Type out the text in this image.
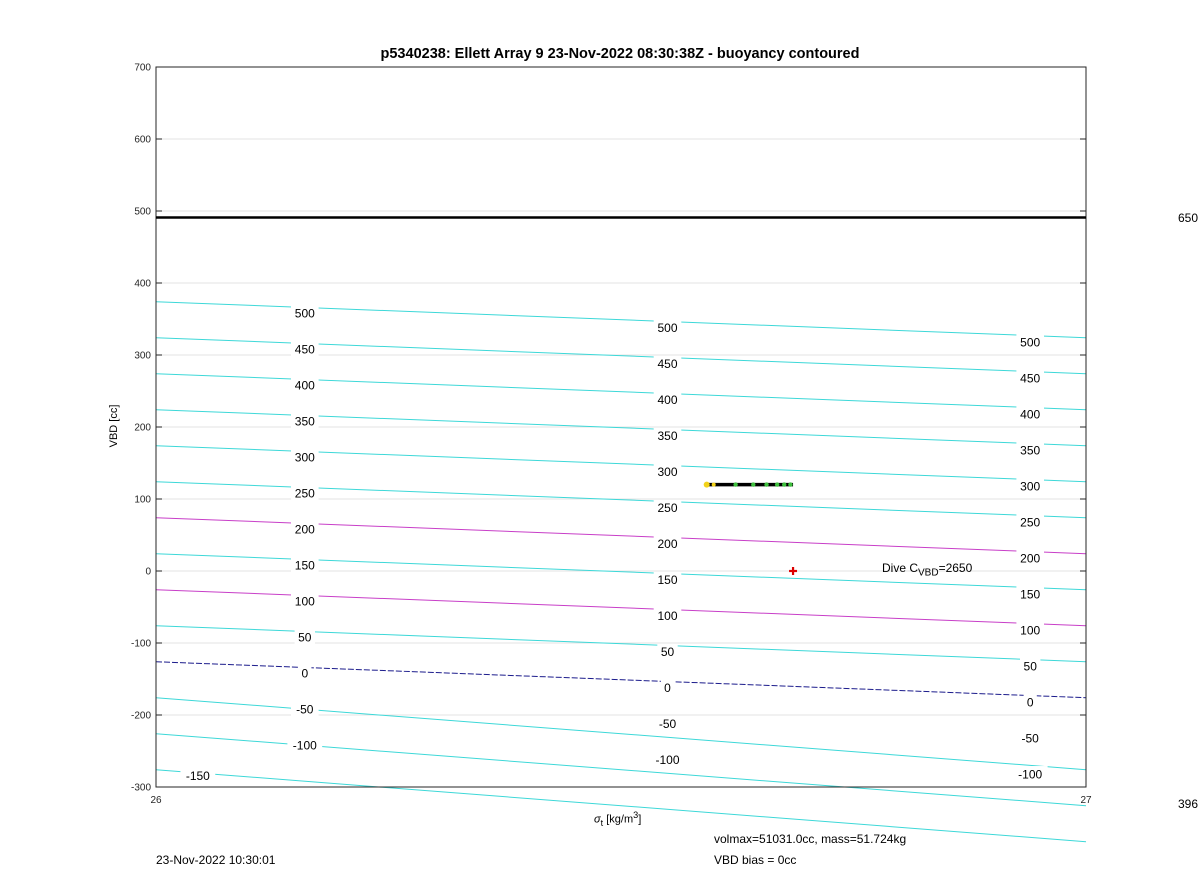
-300
-200
-100
0
100
200
300
400
500
600
700
26	27
500
450
400
350
300
250
200
150
100
50
0
-50
-100
-150
500
450
400
350
300
250
200
150
100
50
0
-50
-100
500
450
400
350
300
250
200
150
100
50
0
-50
-100
p5340238: Ellett Array 9 23-Nov-2022 08:30:38Z - buoyancy contoured
VBD [cc]
$\sigma_t$ $[kg/m^3]$
650
396
Dive $C_{VBD}=2650$
23-Nov-2022 10:30:01
volmax=51031.0cc, mass=51.724kg
VBD bias = 0cc
